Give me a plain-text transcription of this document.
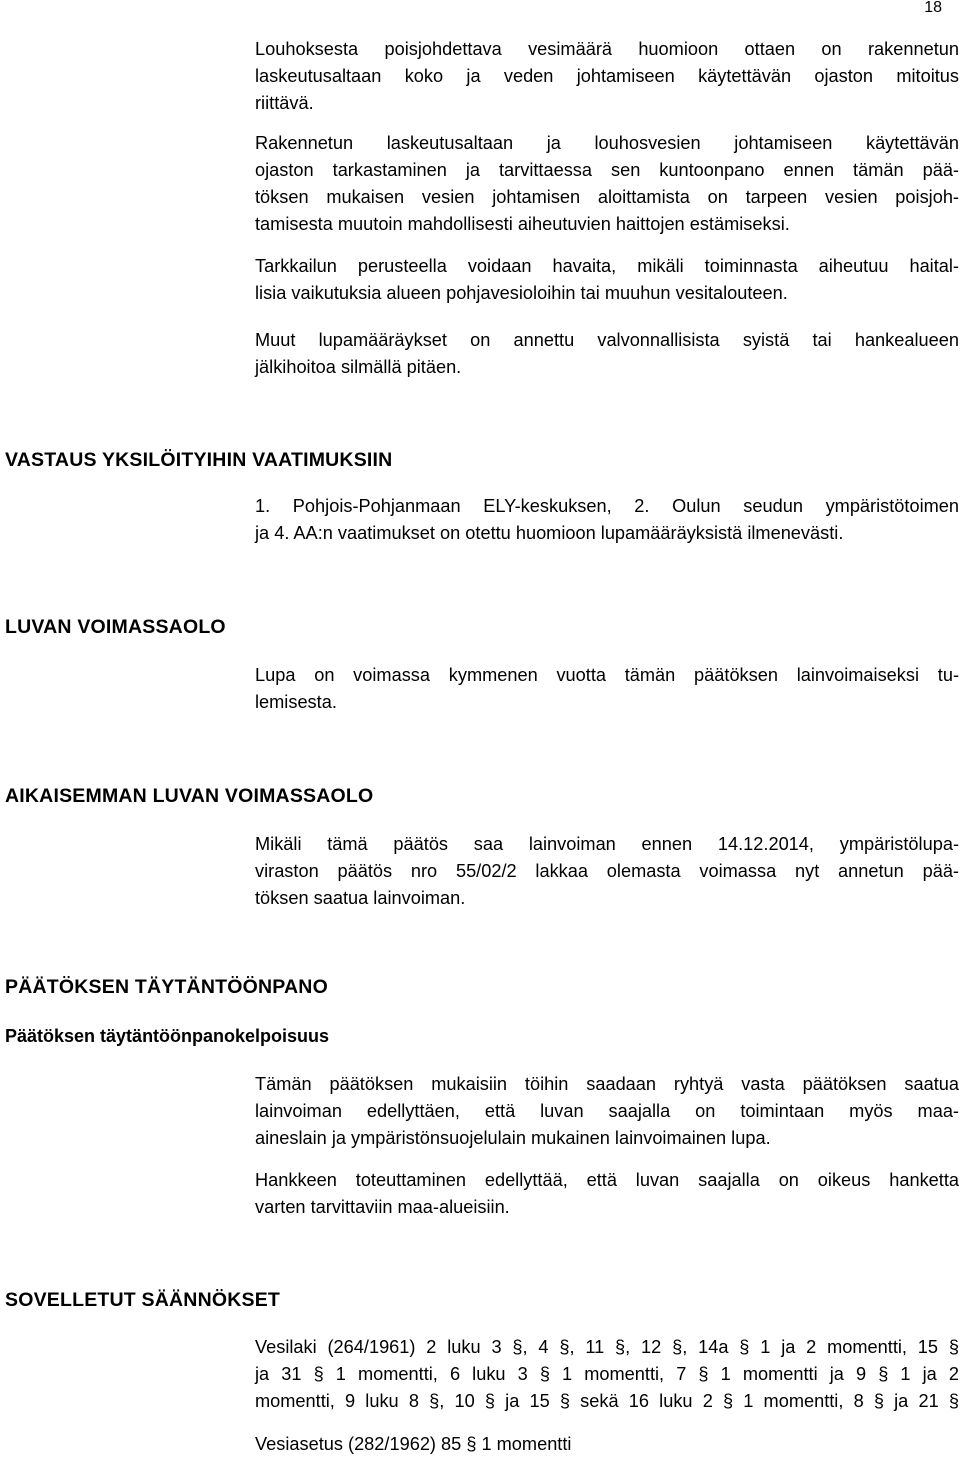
18

Louhoksesta poisjohdettava vesimäärä huomioon ottaen on rakennetun
laskeutusaltaan koko ja veden johtamiseen käytettävän ojaston mitoitus
riittävä.

Rakennetun laskeutusaltaan ja louhosvesien johtamiseen käytettävän
ojaston tarkastaminen ja tarvittaessa sen kuntoonpano ennen tämän pää-
töksen mukaisen vesien johtamisen aloittamista on tarpeen vesien poisjoh-
tamisesta muutoin mahdollisesti aiheutuvien haittojen estämiseksi.

Tarkkailun perusteella voidaan havaita, mikäli toiminnasta aiheutuu haital-
lisia vaikutuksia alueen pohjavesioloihin tai muuhun vesitalouteen.

Muut lupamääräykset on annettu valvonnallisista syistä tai hankealueen
jälkihoitoa silmällä pitäen.

VASTAUS YKSILÖITYIHIN VAATIMUKSIIN

1. Pohjois-Pohjanmaan ELY-keskuksen, 2. Oulun seudun ympäristötoimen
ja 4. AA:n vaatimukset on otettu huomioon lupamääräyksistä ilmenevästi.

LUVAN VOIMASSAOLO

Lupa on voimassa kymmenen vuotta tämän päätöksen lainvoimaiseksi tu-
lemisesta.

AIKAISEMMAN LUVAN VOIMASSAOLO

Mikäli tämä päätös saa lainvoiman ennen 14.12.2014, ympäristölupa-
viraston päätös nro 55/02/2 lakkaa olemasta voimassa nyt annetun pää-
töksen saatua lainvoiman.

PÄÄTÖKSEN TÄYTÄNTÖÖNPANO
Päätöksen täytäntöönpanokelpoisuus

Tämän päätöksen mukaisiin töihin saadaan ryhtyä vasta päätöksen saatua
lainvoiman edellyttäen, että luvan saajalla on toimintaan myös maa-
aineslain ja ympäristönsuojelulain mukainen lainvoimainen lupa.

Hankkeen toteuttaminen edellyttää, että luvan saajalla on oikeus hanketta
varten tarvittaviin maa-alueisiin.

SOVELLETUT SÄÄNNÖKSET

Vesilaki (264/1961) 2 luku 3 §, 4 §, 11 §, 12 §, 14a § 1 ja 2 momentti, 15 §
ja 31 § 1 momentti, 6 luku 3 § 1 momentti, 7 § 1 momentti ja 9 § 1 ja 2
momentti, 9 luku 8 §, 10 § ja 15 § sekä 16 luku 2 § 1 momentti, 8 § ja 21 §

Vesiasetus (282/1962) 85 § 1 momentti
